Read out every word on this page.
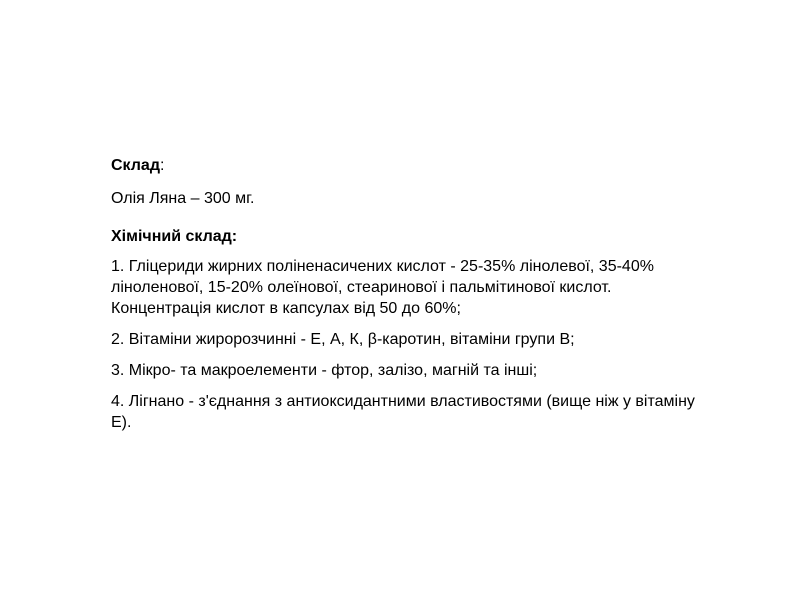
Склад:

Олія Ляна – 300 мг.

Хімічний склад:

1. Гліцериди жирних поліненасичених кислот - 25-35% лінолевої, 35-40% ліноленової, 15-20% олеїнової, стеаринової і пальмітинової кислот. Концентрація кислот в капсулах від 50 до 60%;

2. Вітаміни жиророзчинні - Е, А, К, β-каротин, вітаміни групи В;

3. Мікро- та макроелементи - фтор, залізо, магній та інші;

4. Лігнано - з'єднання з антиоксидантними властивостями (вище ніж у вітаміну Е).
